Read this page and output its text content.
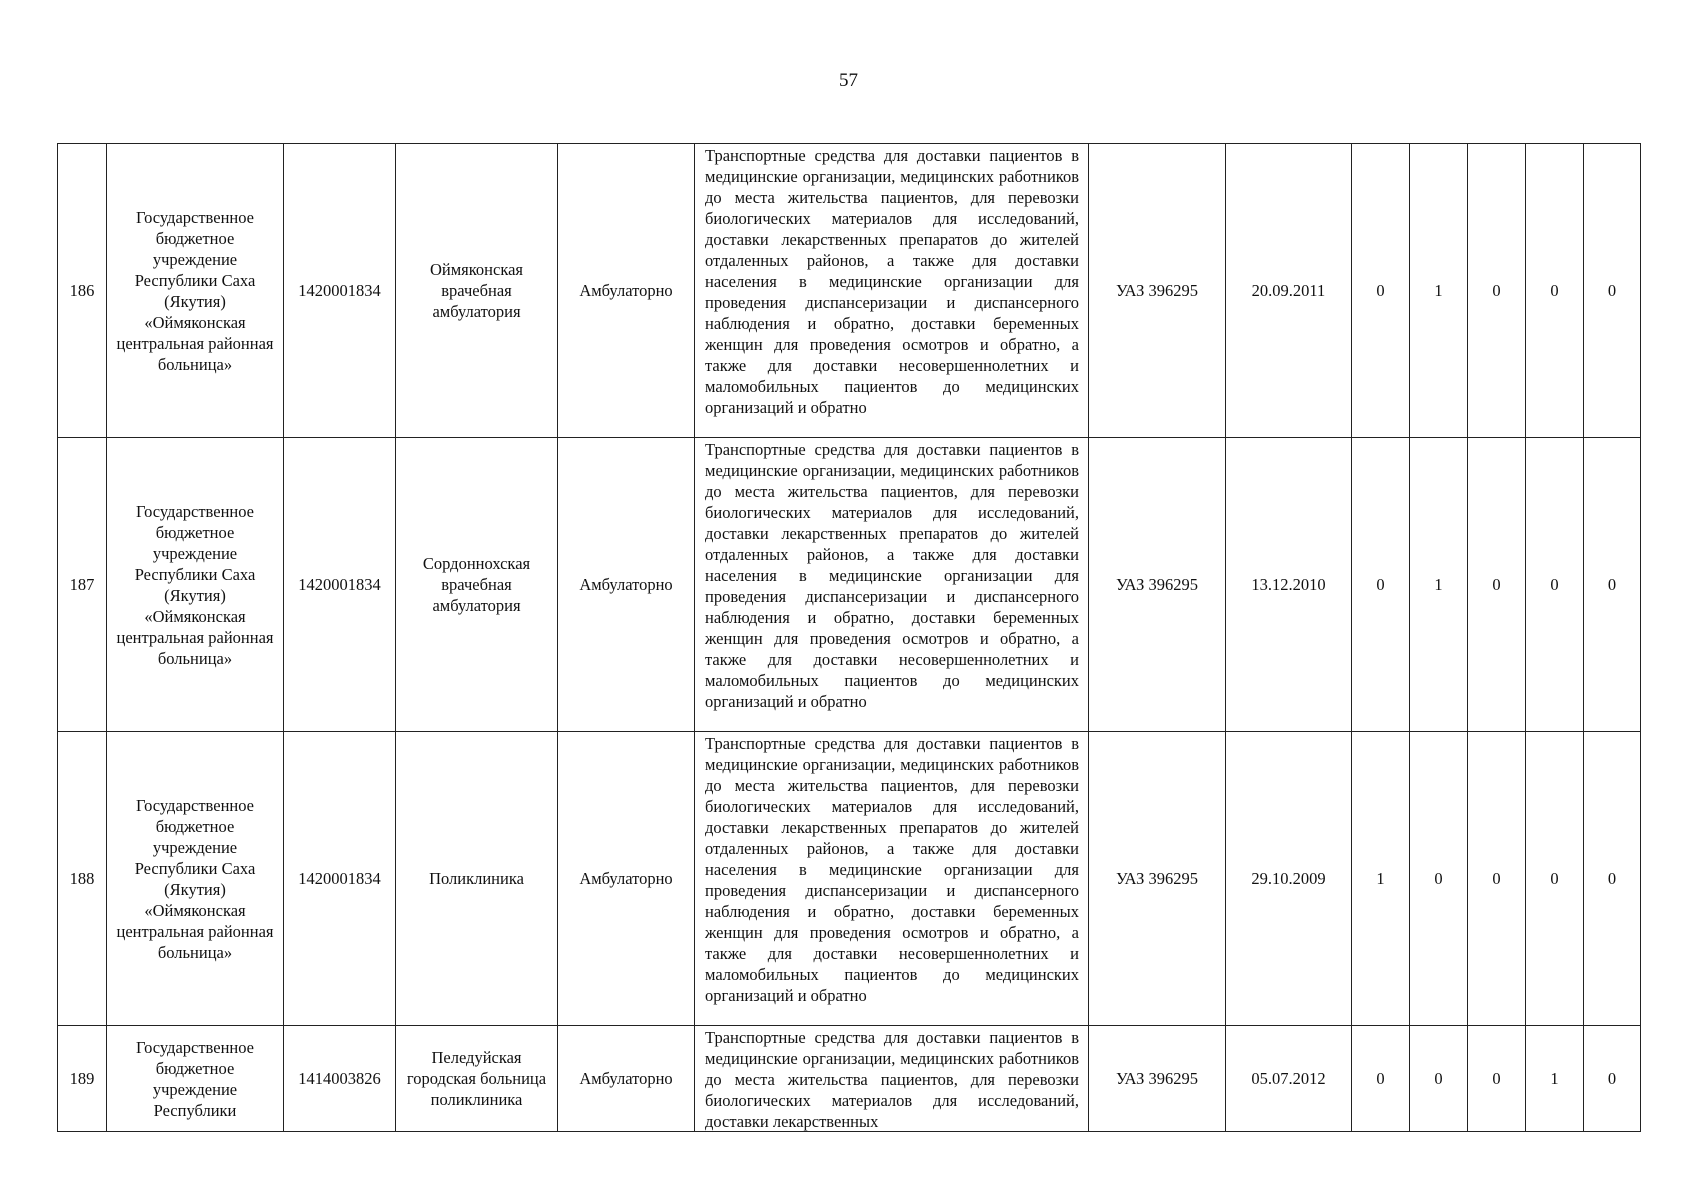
57
186	Государственное бюджетное учреждение Республики Саха (Якутия) «Оймяконская центральная районная больница»	1420001834	Оймяконская врачебная амбулатория	Амбулаторно	Транспортные средства для доставки пациентов в медицинские организации, медицинских работников до места жительства пациентов, для перевозки биологических материалов для исследований, доставки лекарственных препаратов до жителей отдаленных районов, а также для доставки населения в медицинские организации для проведения диспансеризации и диспансерного наблюдения и обратно, доставки беременных женщин для проведения осмотров и обратно, а также для доставки несовершеннолетних и маломобильных пациентов до медицинских организаций и обратно	УАЗ 396295	20.09.2011	0	1	0	0	0
187	Государственное бюджетное учреждение Республики Саха (Якутия) «Оймяконская центральная районная больница»	1420001834	Сордоннохская врачебная амбулатория	Амбулаторно	Транспортные средства для доставки пациентов в медицинские организации, медицинских работников до места жительства пациентов, для перевозки биологических материалов для исследований, доставки лекарственных препаратов до жителей отдаленных районов, а также для доставки населения в медицинские организации для проведения диспансеризации и диспансерного наблюдения и обратно, доставки беременных женщин для проведения осмотров и обратно, а также для доставки несовершеннолетних и маломобильных пациентов до медицинских организаций и обратно	УАЗ 396295	13.12.2010	0	1	0	0	0
188	Государственное бюджетное учреждение Республики Саха (Якутия) «Оймяконская центральная районная больница»	1420001834	Поликлиника	Амбулаторно	Транспортные средства для доставки пациентов в медицинские организации, медицинских работников до места жительства пациентов, для перевозки биологических материалов для исследований, доставки лекарственных препаратов до жителей отдаленных районов, а также для доставки населения в медицинские организации для проведения диспансеризации и диспансерного наблюдения и обратно, доставки беременных женщин для проведения осмотров и обратно, а также для доставки несовершеннолетних и маломобильных пациентов до медицинских организаций и обратно	УАЗ 396295	29.10.2009	1	0	0	0	0
189	Государственное бюджетное учреждение Республики	1414003826	Пеледуйская городская больница поликлиника	Амбулаторно	Транспортные средства для доставки пациентов в медицинские организации, медицинских работников до места жительства пациентов, для перевозки биологических материалов для исследований, доставки лекарственных	УАЗ 396295	05.07.2012	0	0	0	1	0
